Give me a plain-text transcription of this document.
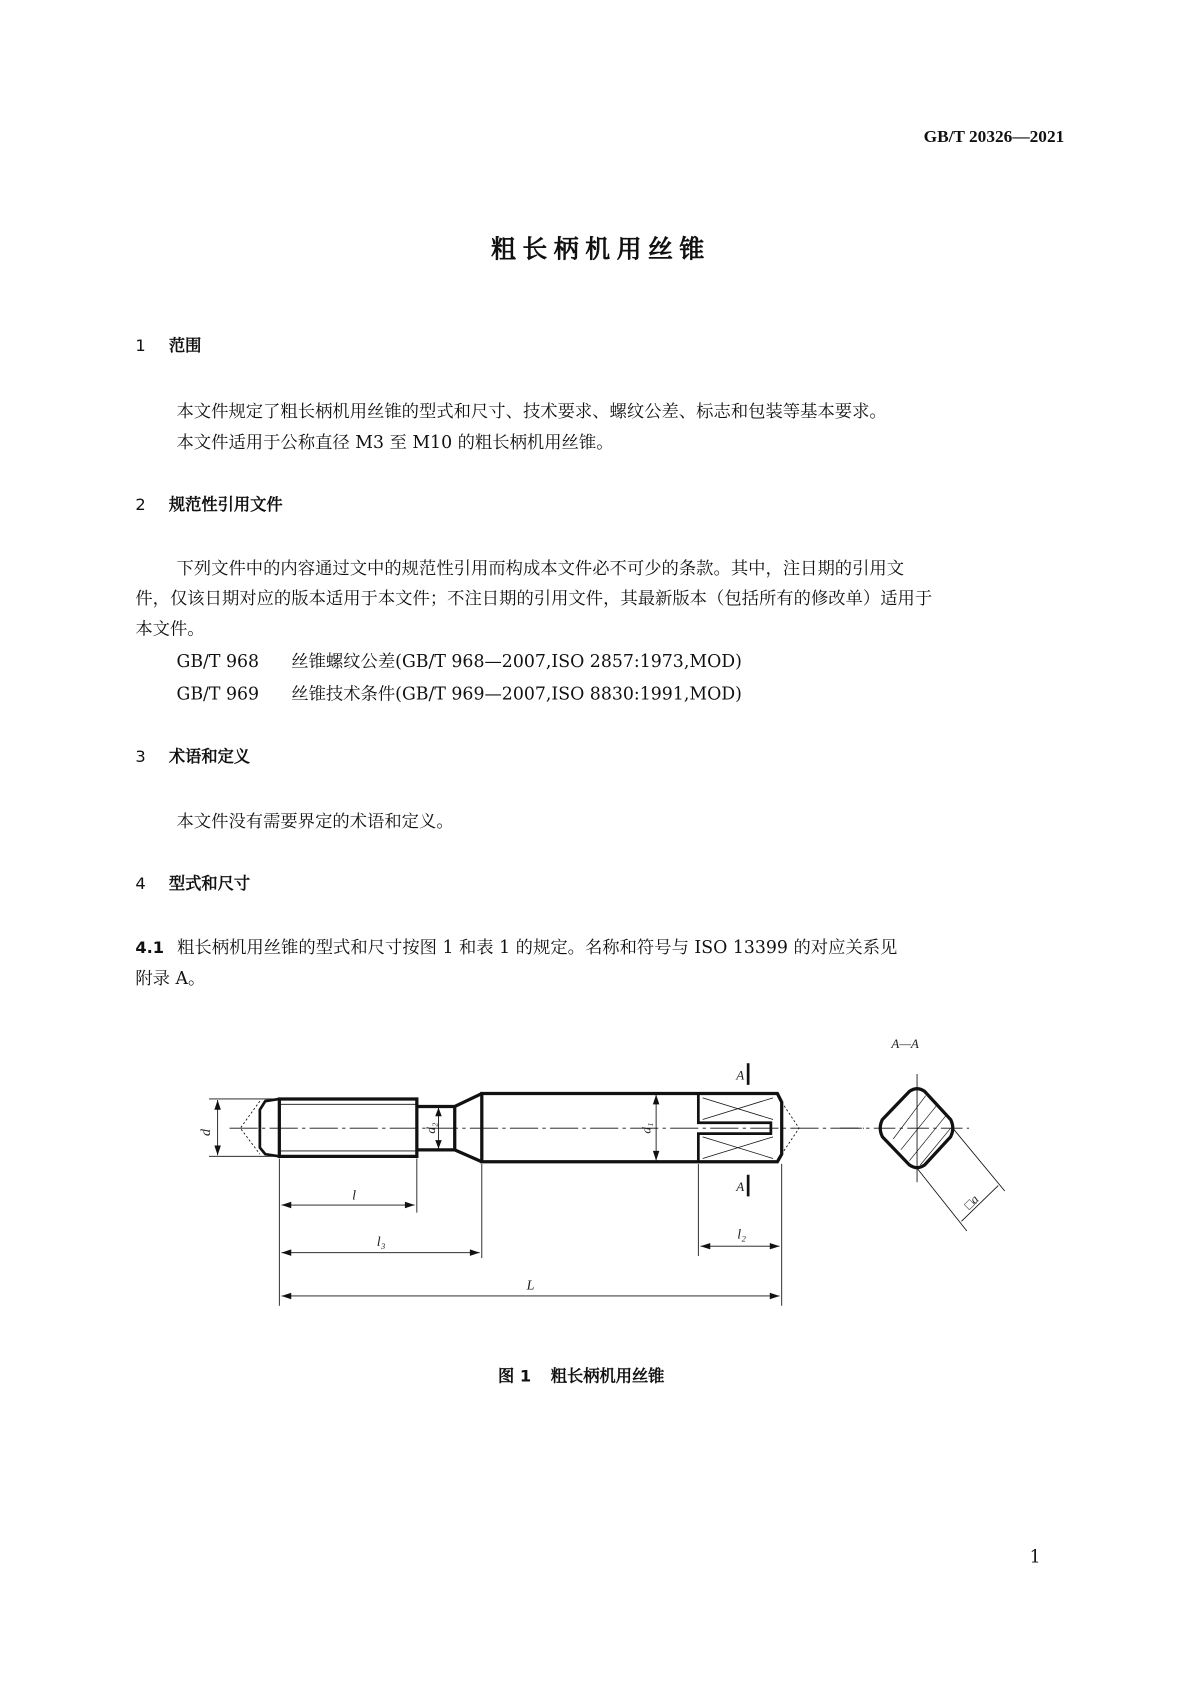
GB/T 20326—2021
粗长柄机用丝锥
1 范围
本文件规定了粗长柄机用丝锥的型式和尺寸、技术要求、螺纹公差、标志和包装等基本要求。
本文件适用于公称直径 M3 至 M10 的粗长柄机用丝锥。
2 规范性引用文件
下列文件中的内容通过文中的规范性引用而构成本文件必不可少的条款。其中，注日期的引用文
件，仅该日期对应的版本适用于本文件；不注日期的引用文件，其最新版本（包括所有的修改单）适用于
本文件。
GB/T 968 丝锥螺纹公差(GB/T 968—2007,ISO 2857:1973,MOD)
GB/T 969 丝锥技术条件(GB/T 969—2007,ISO 8830:1991,MOD)
3 术语和定义
本文件没有需要界定的术语和定义。
4 型式和尺寸
4.1 粗长柄机用丝锥的型式和尺寸按图 1 和表 1 的规定。名称和符号与 ISO 13399 的对应关系见
附录 A。
d	d₂	d₁
l
l₃	l₂
L
A
A
A—A
□a
图 1 粗长柄机用丝锥
1
